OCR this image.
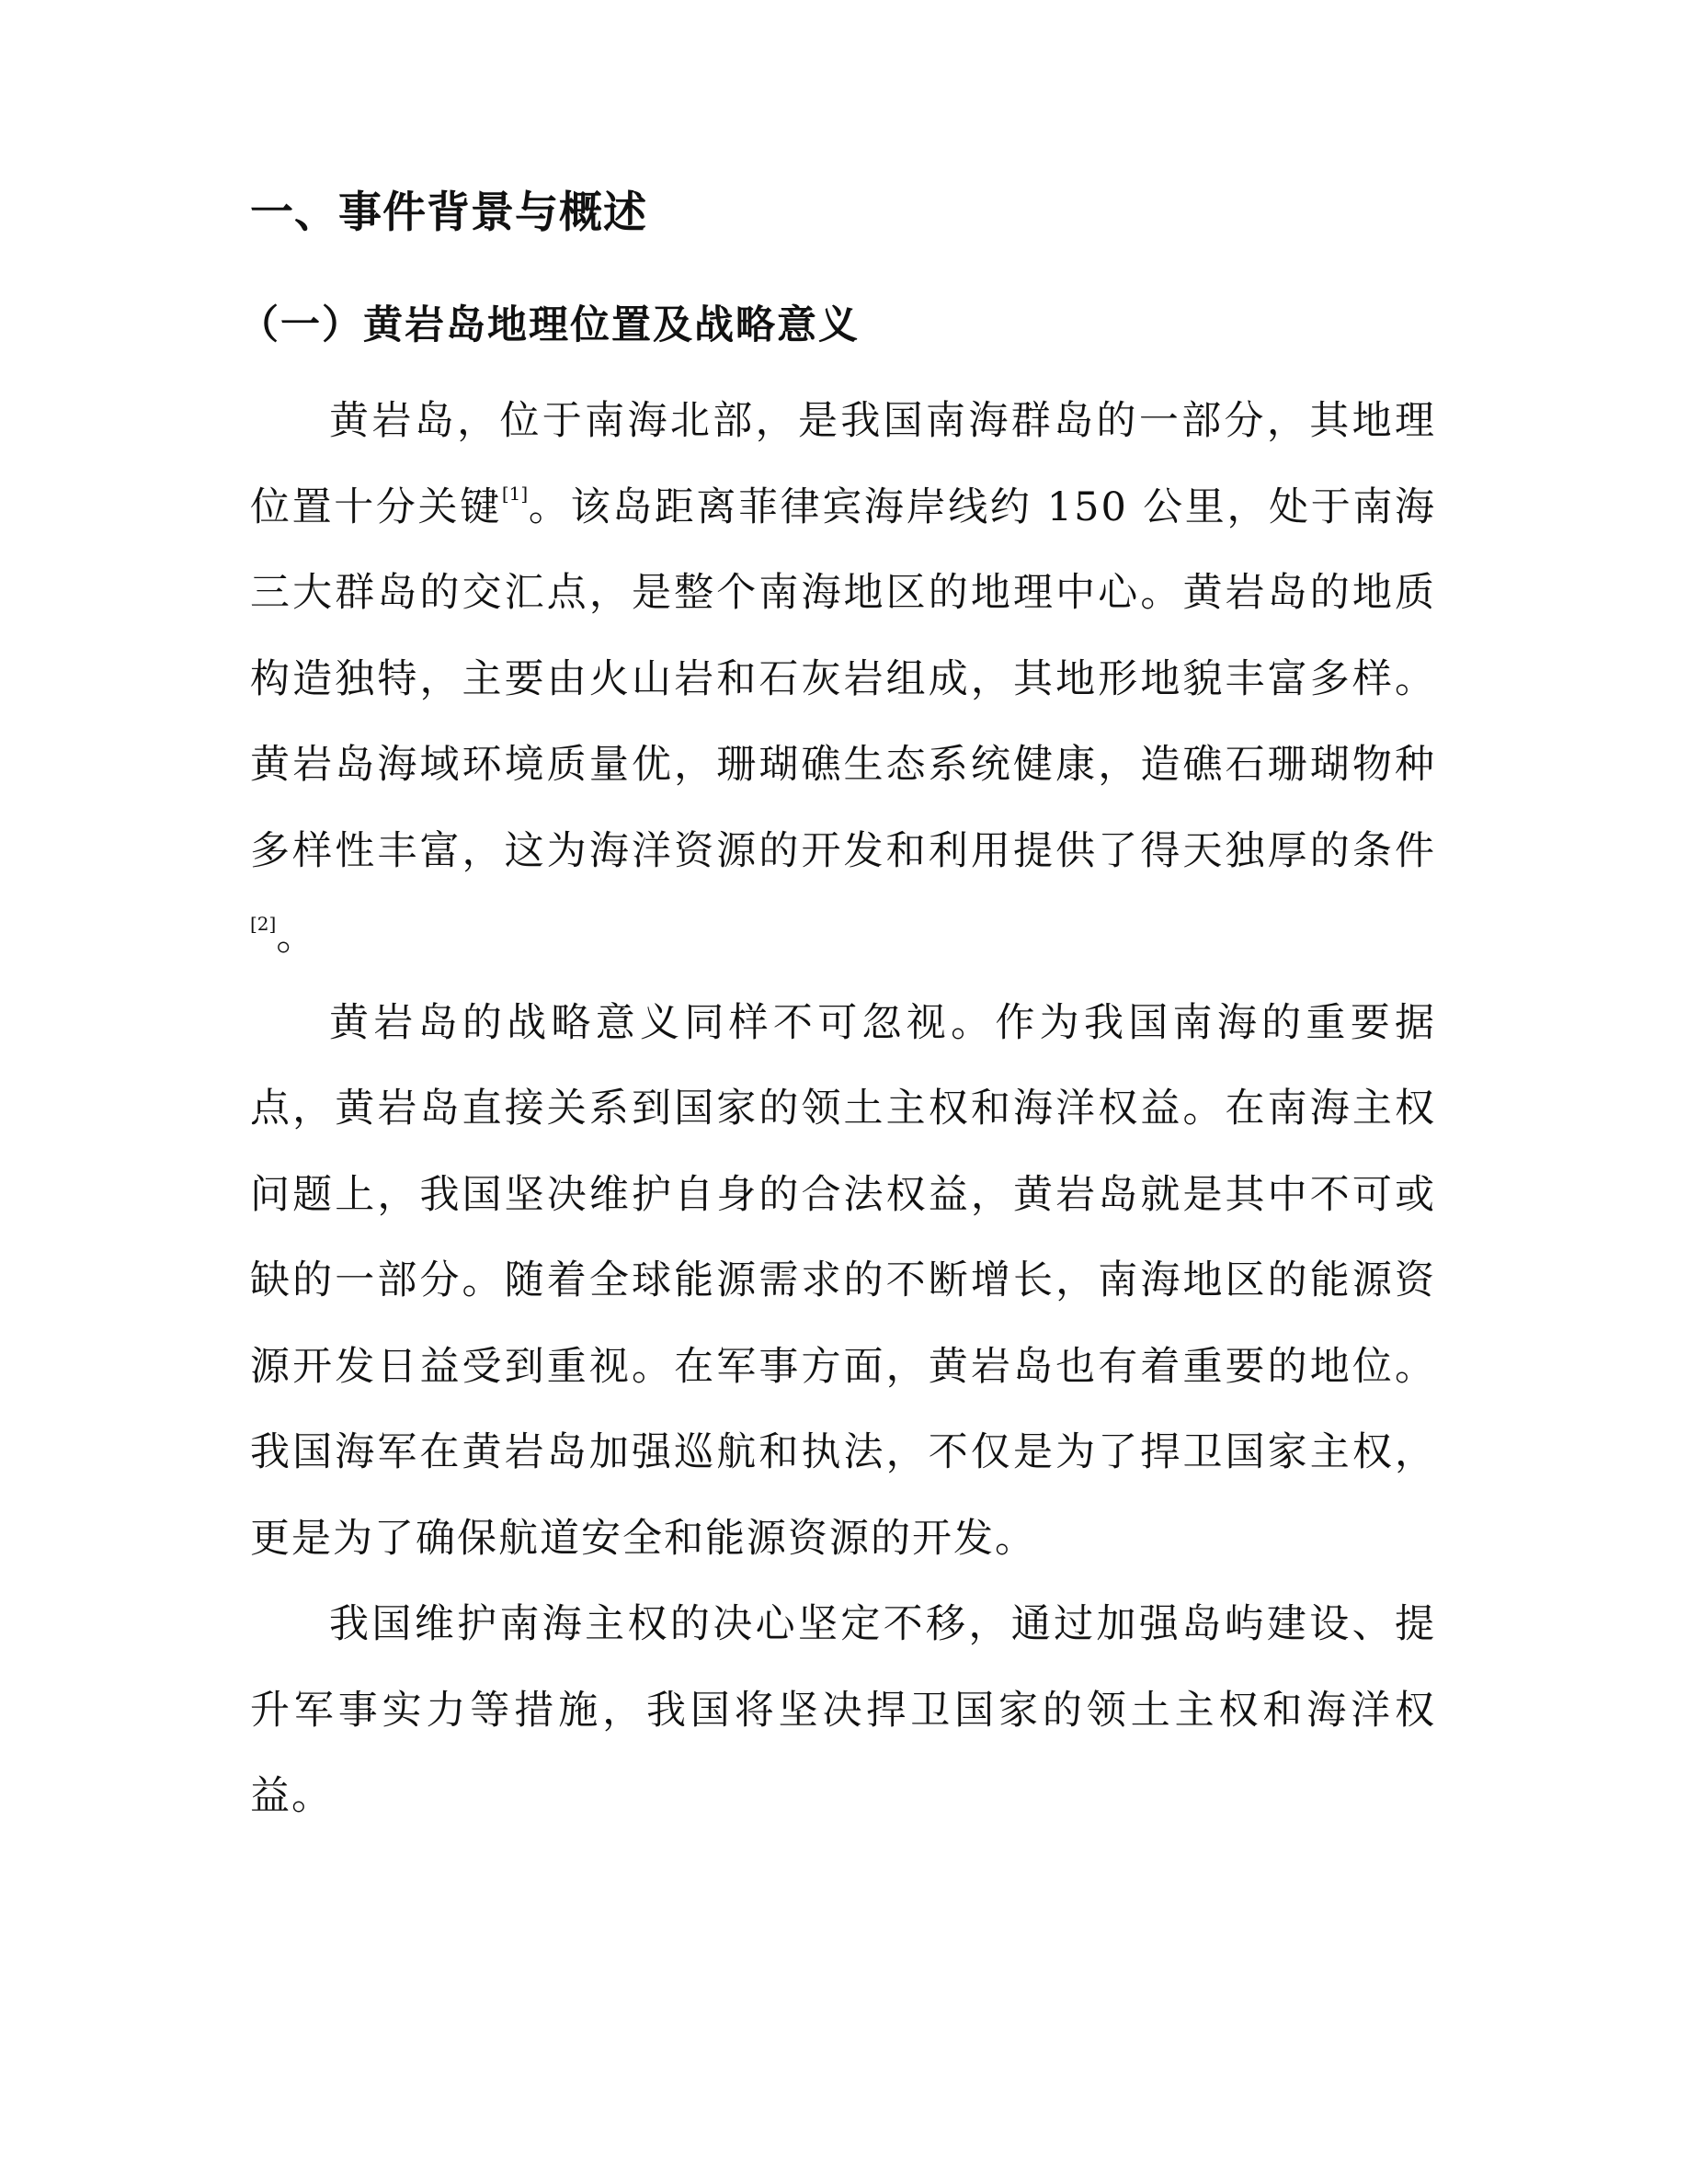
一、事件背景与概述
（一）黄岩岛地理位置及战略意义

黄岩岛，位于南海北部，是我国南海群岛的一部分，其地理位置十分关键[1]。该岛距离菲律宾海岸线约 150 公里，处于南海三大群岛的交汇点，是整个南海地区的地理中心。黄岩岛的地质构造独特，主要由火山岩和石灰岩组成，其地形地貌丰富多样。黄岩岛海域环境质量优，珊瑚礁生态系统健康，造礁石珊瑚物种多样性丰富，这为海洋资源的开发和利用提供了得天独厚的条件[2]。

黄岩岛的战略意义同样不可忽视。作为我国南海的重要据点，黄岩岛直接关系到国家的领土主权和海洋权益。在南海主权问题上，我国坚决维护自身的合法权益，黄岩岛就是其中不可或缺的一部分。随着全球能源需求的不断增长，南海地区的能源资源开发日益受到重视。在军事方面，黄岩岛也有着重要的地位。我国海军在黄岩岛加强巡航和执法，不仅是为了捍卫国家主权，更是为了确保航道安全和能源资源的开发。

我国维护南海主权的决心坚定不移，通过加强岛屿建设、提升军事实力等措施，我国将坚决捍卫国家的领土主权和海洋权益。
